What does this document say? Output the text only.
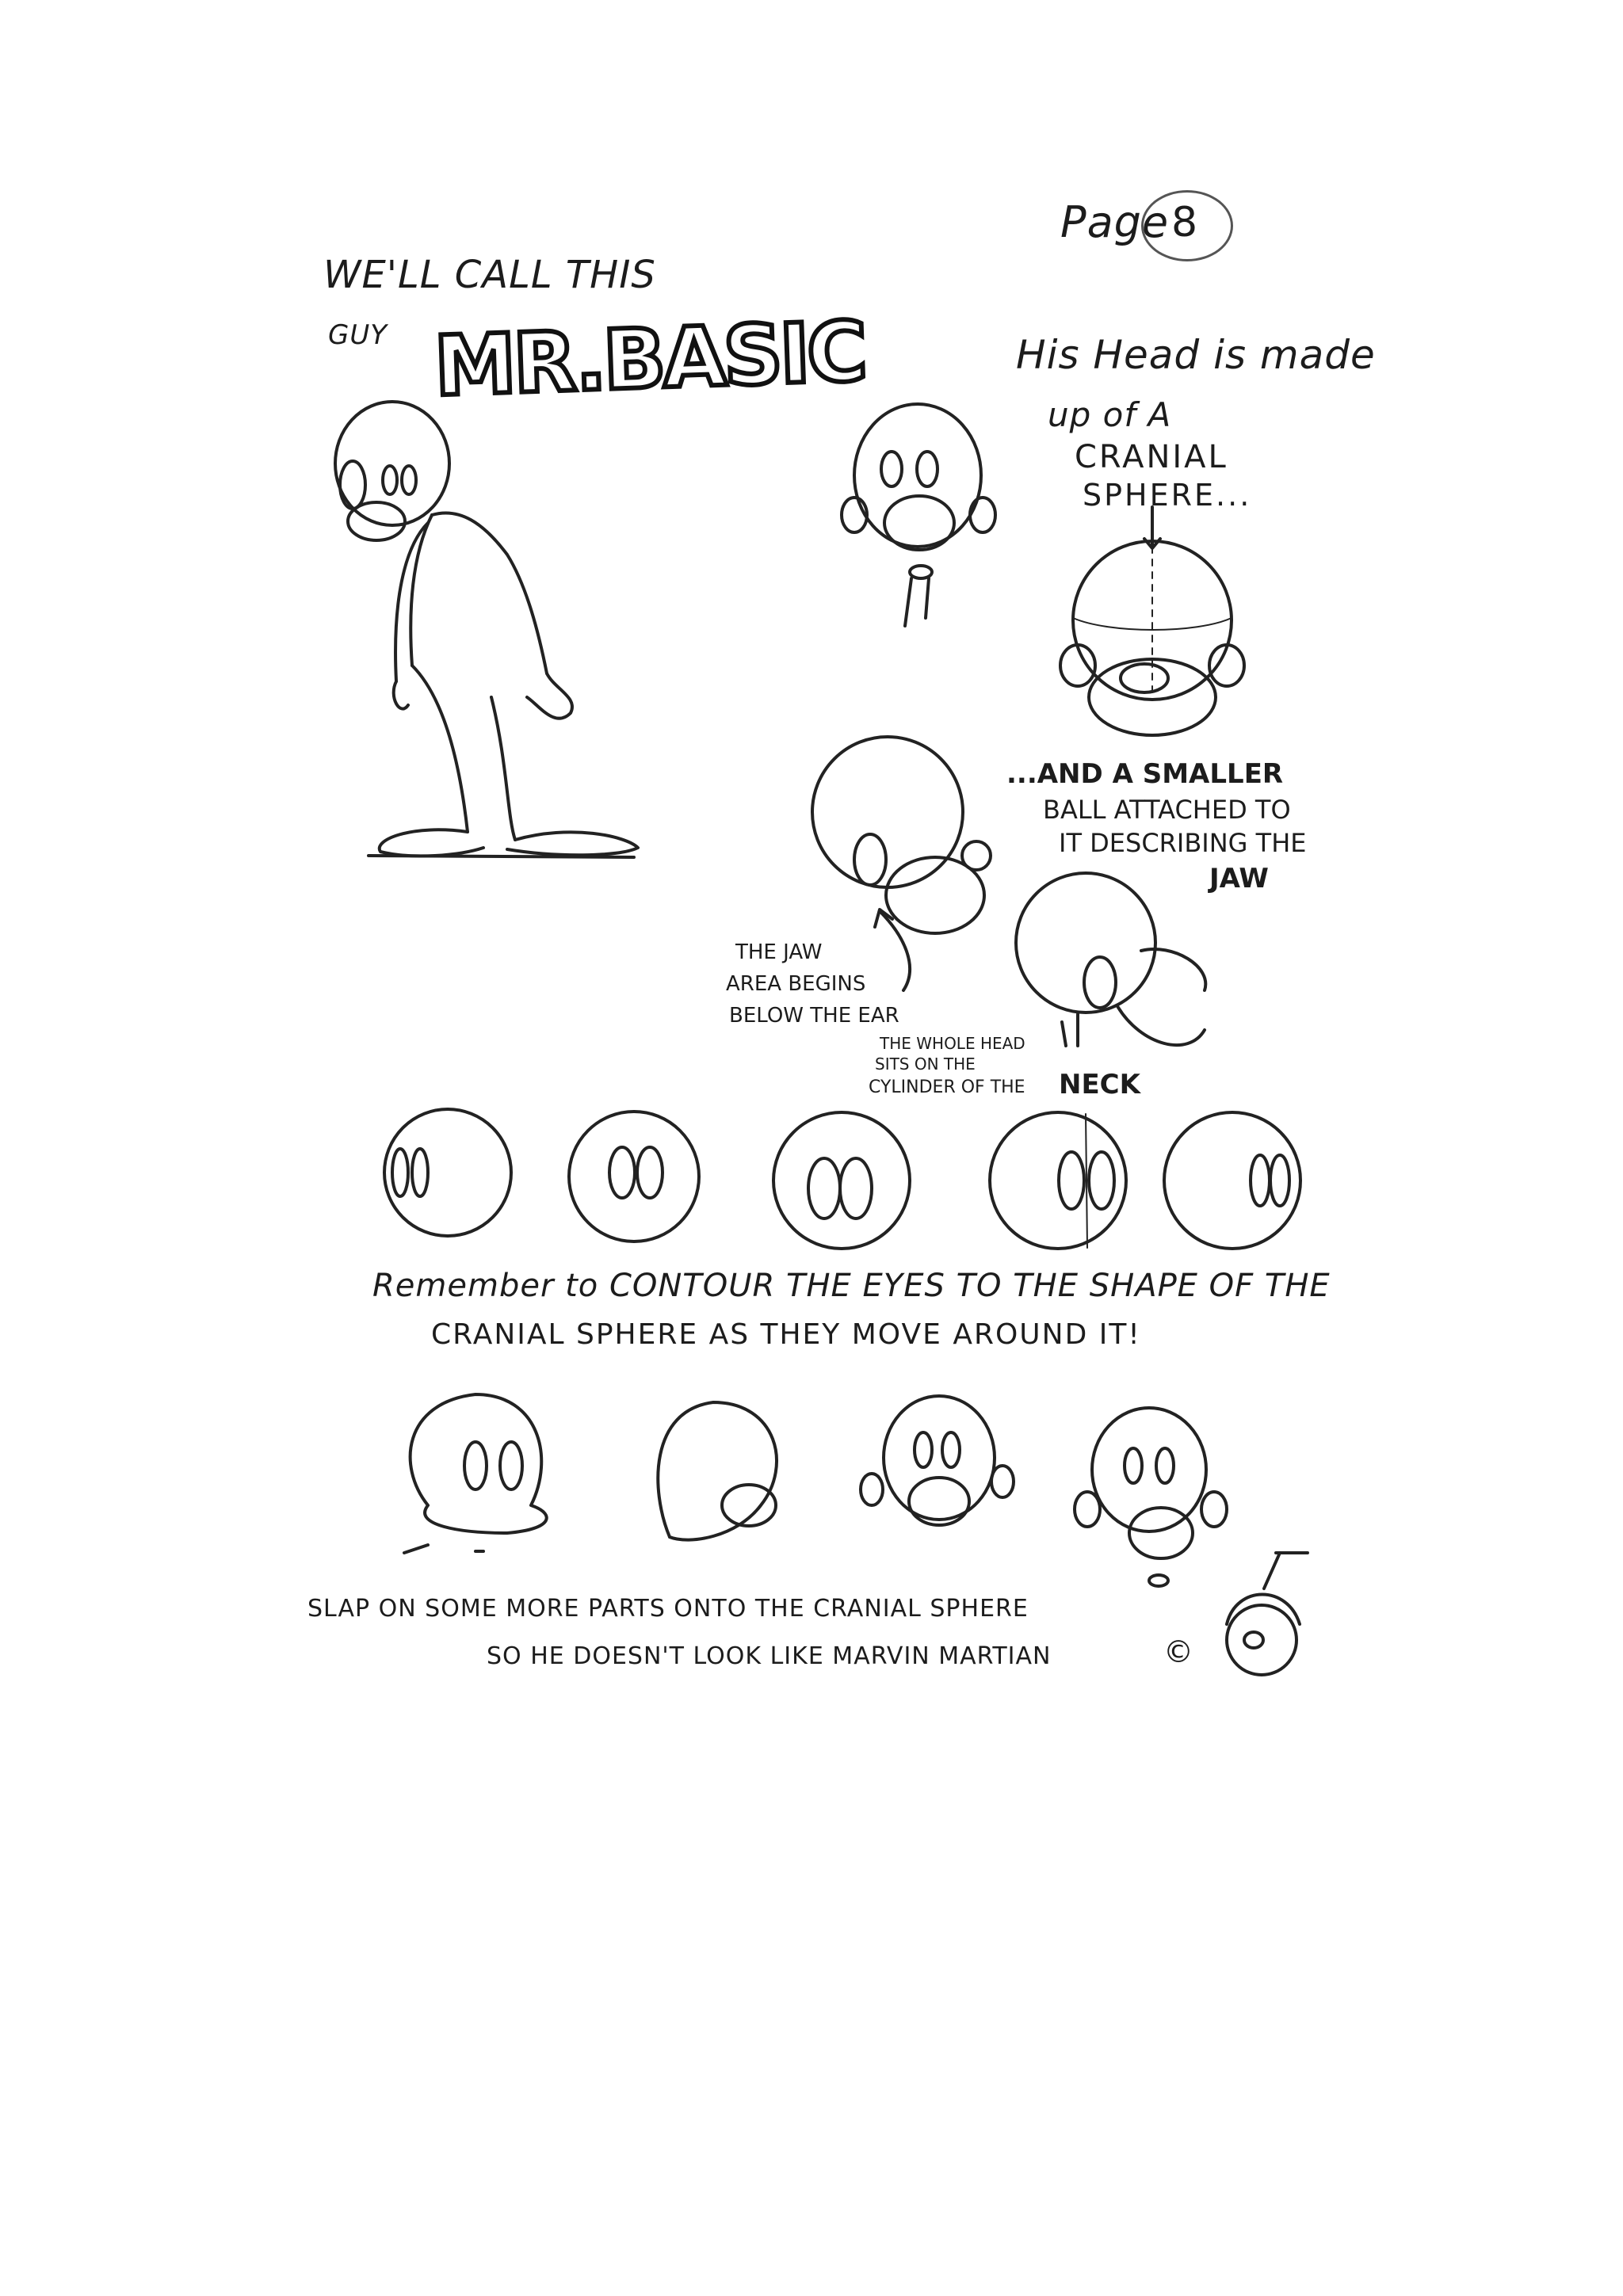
Page 8
WE'LL CALL THIS
GUY MR.BASIC	His Head is made
up of A
CRANIAL
SPHERE...
...AND A SMALLER
BALL ATTACHED TO
IT DESCRIBING THE
JAW
THE JAW
AREA BEGINS
BELOW THE EAR
THE WHOLE HEAD
SITS ON THE
CYLINDER OF THE NECK
Remember to CONTOUR THE EYES TO THE SHAPE OF THE
CRANIAL SPHERE AS THEY MOVE AROUND IT!
SLAP ON SOME MORE PARTS ONTO THE CRANIAL SPHERE
SO HE DOESN'T LOOK LIKE MARVIN MARTIAN	©
